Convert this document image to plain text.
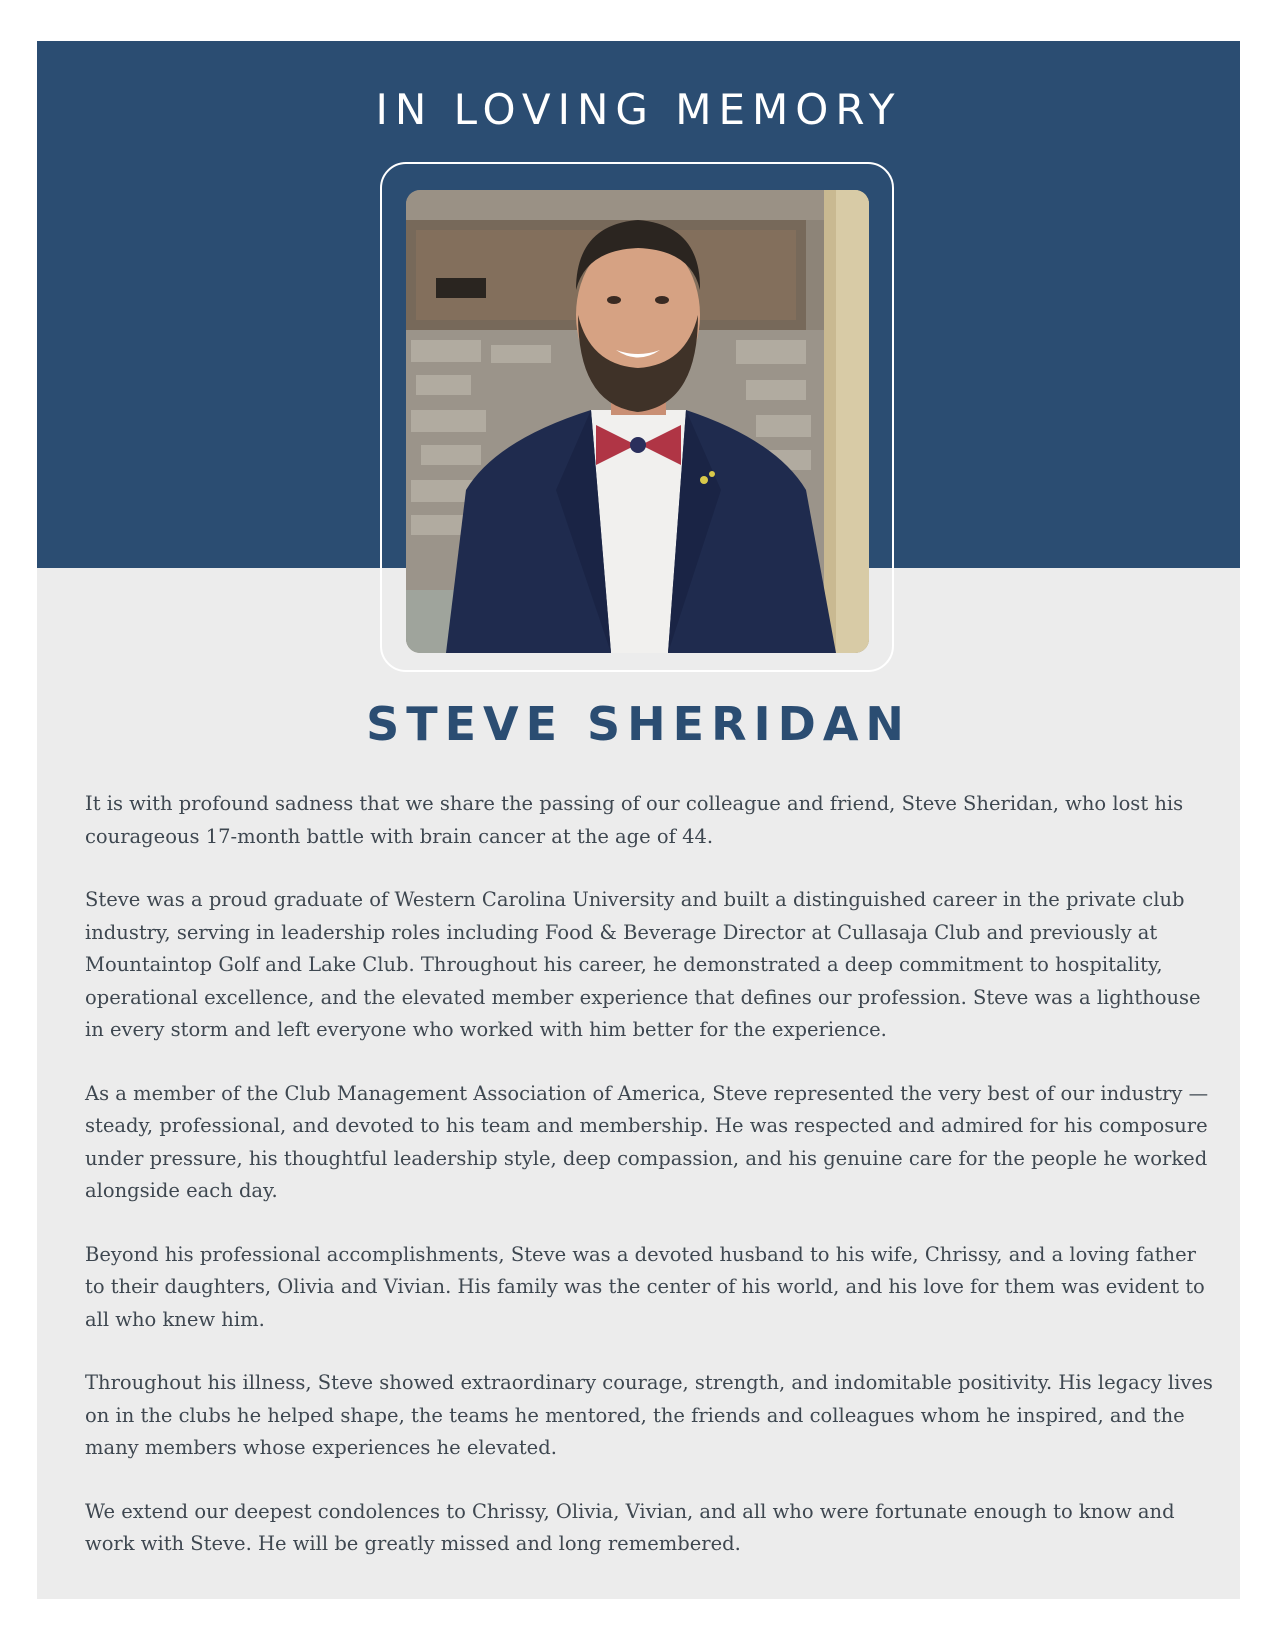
IN LOVING MEMORY
STEVE SHERIDAN

It is with profound sadness that we share the passing of our colleague and friend, Steve Sheridan, who lost his courageous 17-month battle with brain cancer at the age of 44.

Steve was a proud graduate of Western Carolina University and built a distinguished career in the private club industry, serving in leadership roles including Food & Beverage Director at Cullasaja Club and previously at Mountaintop Golf and Lake Club. Throughout his career, he demonstrated a deep commitment to hospitality, operational excellence, and the elevated member experience that defines our profession. Steve was a lighthouse in every storm and left everyone who worked with him better for the experience.

As a member of the Club Management Association of America, Steve represented the very best of our industry — steady, professional, and devoted to his team and membership. He was respected and admired for his composure under pressure, his thoughtful leadership style, deep compassion, and his genuine care for the people he worked alongside each day.

Beyond his professional accomplishments, Steve was a devoted husband to his wife, Chrissy, and a loving father to their daughters, Olivia and Vivian. His family was the center of his world, and his love for them was evident to all who knew him.

Throughout his illness, Steve showed extraordinary courage, strength, and indomitable positivity. His legacy lives on in the clubs he helped shape, the teams he mentored, the friends and colleagues whom he inspired, and the many members whose experiences he elevated.

We extend our deepest condolences to Chrissy, Olivia, Vivian, and all who were fortunate enough to know and work with Steve. He will be greatly missed and long remembered.
